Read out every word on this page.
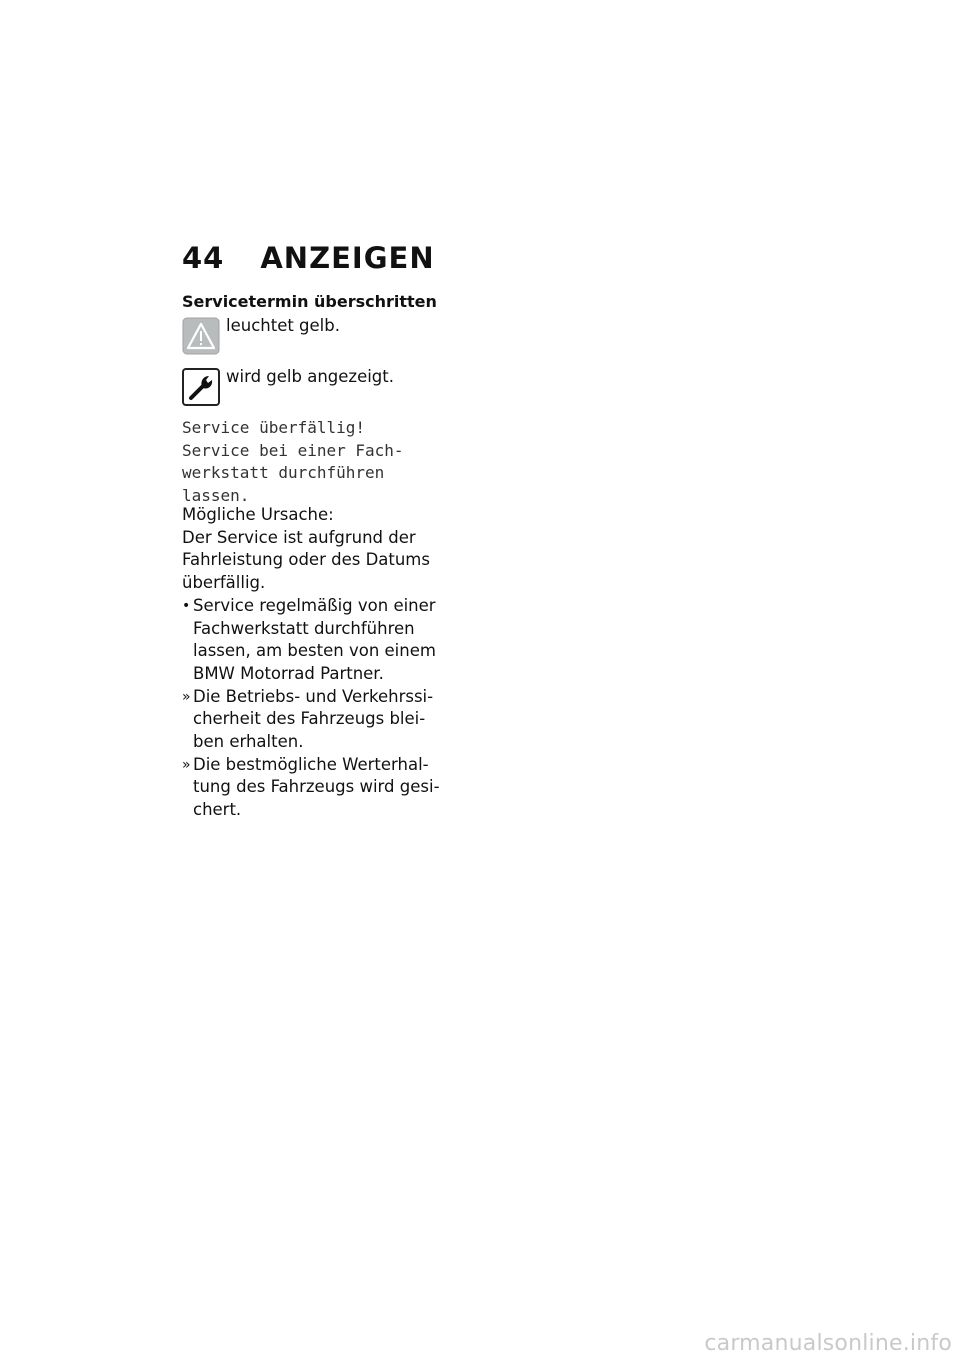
44 ANZEIGEN
Servicetermin überschritten
leuchtet gelb.
wird gelb angezeigt.
Service überfällig!
Service bei einer Fach-
werkstatt durchführen
lassen.

Mögliche Ursache:

Der Service ist aufgrund der Fahrleistung oder des Datums überfällig.

• Service regelmäßig von einer Fachwerkstatt durchführen lassen, am besten von einem BMW Motorrad Partner.
» Die Betriebs- und Verkehrssi-cherheit des Fahrzeugs blei-ben erhalten.
» Die bestmögliche Werterhal-tung des Fahrzeugs wird gesi-chert.
carmanualsonline.info
